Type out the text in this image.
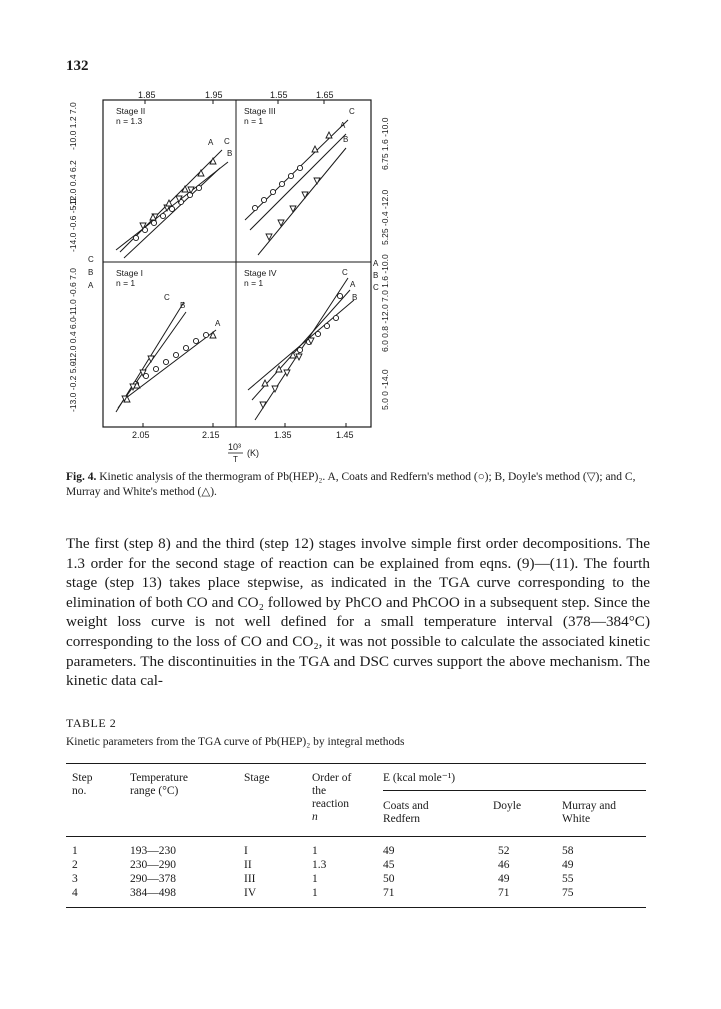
132
1.85	1.95	1.55	1.65
2.05	2.15	1.35	1.45
10³
T
(K)
-10.0 1.2 7.0
-12.0 0.4 6.2
-14.0 -0.6 -5.0
-11.0 -0.6 7.0
-12.0 0.4 6.0
-13.0 -0.2 5.0
C
B
A
6.75 1.6 -10.0
5.25 -0.4 -12.0
7.0 1.6 -10.0
6.0 0.8 -12.0
5.0 0 -14.0
A
B
C
Stage II
n = 1.3
Stage III
n = 1
Stage I
n = 1
Stage IV
n = 1
A C
B
C
A
B
C
B
A
C
A
B
Fig. 4. Kinetic analysis of the thermogram of Pb(HEP)₂. A, Coats and Redfern's method (○); B, Doyle's method (▽); and C, Murray and White's method (△).

The first (step 8) and the third (step 12) stages involve simple first order decompositions. The 1.3 order for the second stage of reaction can be explained from eqns. (9)—(11). The fourth stage (step 13) takes place stepwise, as indicated in the TGA curve corresponding to the elimination of both CO and CO₂ followed by PhCO and PhCOO in a subsequent step. Since the weight loss curve is not well defined for a small temperature interval (378—384°C) corresponding to the loss of CO and CO₂, it was not possible to calculate the associated kinetic parameters. The discontinuities in the TGA and DSC curves support the above mechanism. The kinetic data cal-

TABLE 2
Kinetic parameters from the TGA curve of Pb(HEP)₂ by integral methods
Step
no.
Temperature
range (°C)
Stage	Order of
the
reaction
n
E (kcal mole⁻¹)
Coats and
Redfern
Doyle	Murray and
White
1	193—230	I	1	49	52	58
2	230—290	II	1.3	45	46	49
3	290—378	III	1	50	49	55
4	384—498	IV	1	71	71	75
